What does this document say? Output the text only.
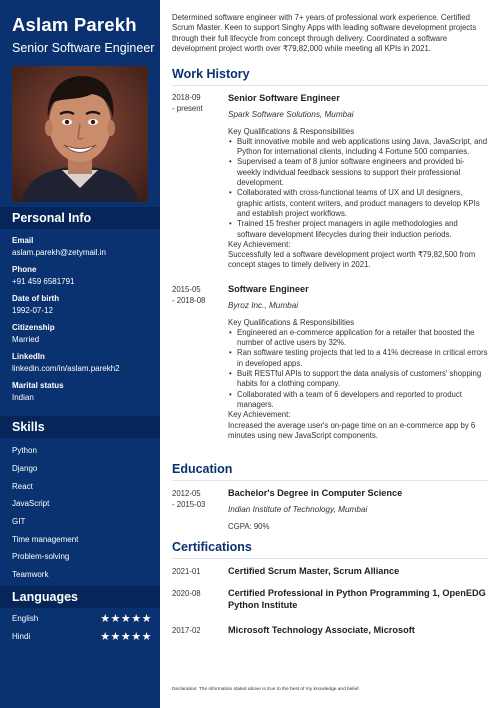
Aslam Parekh
Senior Software Engineer
Personal Info
Email
aslam.parekh@zetymail.in
Phone
+91 459 6581791
Date of birth
1992-07-12
Citizenship
Married
LinkedIn
linkedin.com/in/aslam.parekh2
Marital status
Indian
Skills
Python
Django
React
JavaScript
GIT
Time management
Problem-solving
Teamwork
Languages
English	★★★★★
Hindi	★★★★★
Determined software engineer with 7+ years of professional work experience. Certified Scrum Master. Keen to support Singhy Apps with leading software development projects through their full lifecycle from concept through delivery. Coordinated a software development project worth over ₹79,82,000 while meeting all KPIs in 2021.
Work History
2018-09
- present
Senior Software Engineer
Spark Software Solutions, Mumbai
Key Qualifications & Responsibilities
• Built innovative mobile and web applications using Java, JavaScript, and Python for international clients, including 4 Fortune 500 companies.
• Supervised a team of 8 junior software engineers and provided bi-weekly individual feedback sessions to support their professional development.
• Collaborated with cross-functional teams of UX and UI designers, graphic artists, content writers, and product managers to develop KPIs and establish project workflows.
• Trained 15 fresher project managers in agile methodologies and software development lifecycles during their induction periods.
Key Achievement:
Successfully led a software development project worth ₹79,82,500 from concept stages to timely delivery in 2021.
2015-05
- 2018-08
Software Engineer
Byroz Inc., Mumbai
Key Qualifications & Responsibilities
• Engineered an e-commerce application for a retailer that boosted the number of active users by 32%.
• Ran software testing projects that led to a 41% decrease in critical errors in developed apps.
• Built RESTful APIs to support the data analysis of customers' shopping habits for a clothing company.
• Collaborated with a team of 6 developers and reported to product managers.
Key Achievement:
Increased the average user's on-page time on an e-commerce app by 6 minutes using new JavaScript components.
Education
2012-05
- 2015-03
Bachelor's Degree in Computer Science
Indian Institute of Technology, Mumbai
CGPA: 90%
Certifications
2021-01	Certified Scrum Master, Scrum Alliance
2020-08	Certified Professional in Python Programming 1, OpenEDG Python Institute
2017-02	Microsoft Technology Associate, Microsoft
Declaration: The information stated above is true to the best of my knowledge and belief.
